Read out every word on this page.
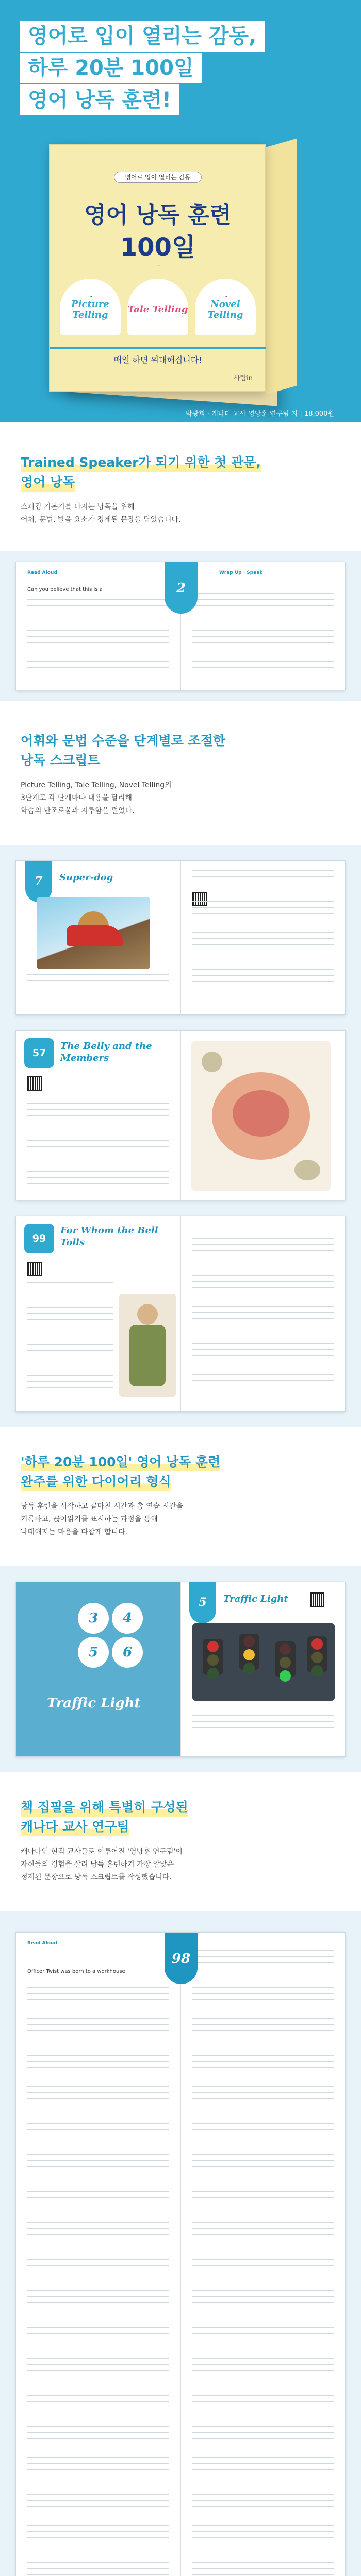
영어로 입이 열리는 감동,
하루 20분 100일
영어 낭독 훈련!
영어로 입이 열리는 감동
영어 낭독 훈련
100일
…
…
Picture Telling
…
Tale Telling
…
Novel Telling
매일 하면 위대해집니다!
사람in
박광희 · 캐나다 교사 영낭훈 연구팀 지 | 18,000원
Trained Speaker가 되기 위한 첫 관문,
영어 낭독
스피킹 기본기를 다지는 낭독을 위해
어휘, 문법, 발음 요소가 정제된 문장을 담았습니다.
Read Aloud
Can you believe that this is a
Wrap Up · Speak
2
어휘와 문법 수준을 단계별로 조절한
낭독 스크립트
Picture Telling, Tale Telling, Novel Telling의
3단계로 각 단계마다 내용을 달리해
학습의 단조로움과 지루함을 덜었다.
7	Super-dog
57
The Belly and the Members
99
For Whom the Bell Tolls
'하루 20분 100일' 영어 낭독 훈련
완주를 위한 다이어리 형식
낭독 훈련을 시작하고 끝마친 시간과 총 연습 시간을
기록하고, 끊어읽기를 표시하는 과정을 통해
나태해지는 마음을 다잡게 합니다.
3	4
5	6
Traffic Light
5	Traffic Light
책 집필을 위해 특별히 구성된
캐나다 교사 연구팀
캐나다인 현직 교사들로 이루어진 '영낭훈 연구팀'이
자신들의 경험을 살려 낭독 훈련하기 가장 알맞은
정제된 문장으로 낭독 스크립트를 작성했습니다.
Read Aloud
Officer Twist was born to a workhouse
98
